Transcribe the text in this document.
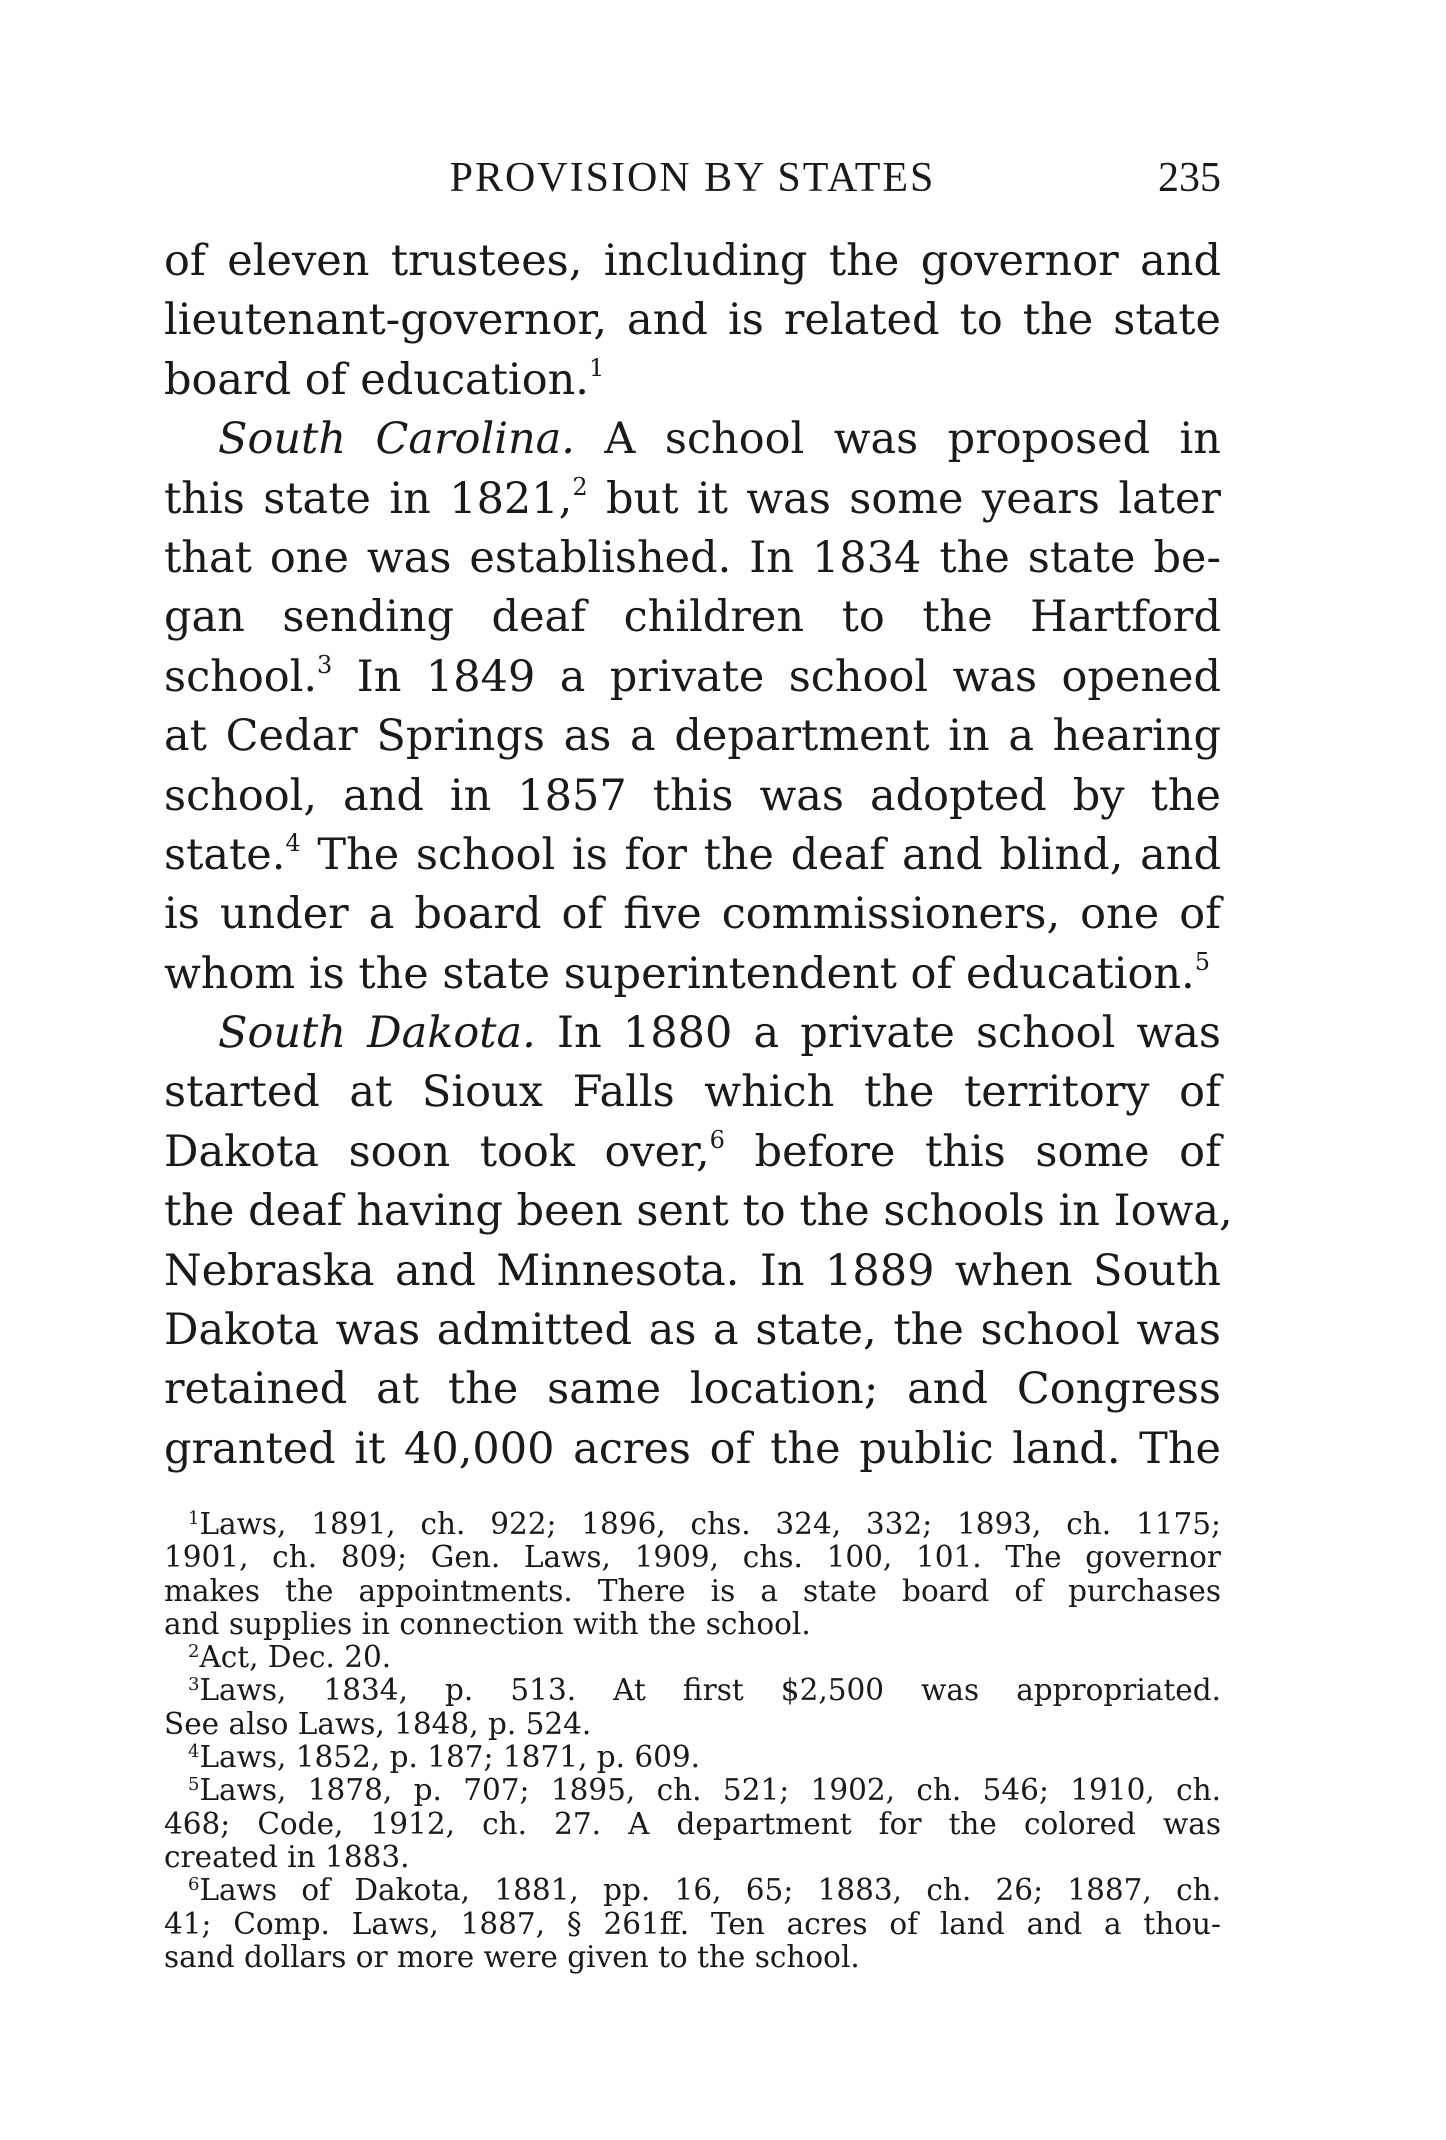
PROVISION BY STATES	235
of eleven trustees, including the governor and
lieutenant-governor, and is related to the state
board of education.$^1$
South Carolina. A school was proposed in
this state in 1821,$^2$ but it was some years later
that one was established. In 1834 the state be-
gan sending deaf children to the Hartford
school.$^3$ In 1849 a private school was opened
at Cedar Springs as a department in a hearing
school, and in 1857 this was adopted by the
state.$^4$ The school is for the deaf and blind, and
is under a board of five commissioners, one of
whom is the state superintendent of education.$^5$
South Dakota. In 1880 a private school was
started at Sioux Falls which the territory of
Dakota soon took over,$^6$ before this some of
the deaf having been sent to the schools in Iowa,
Nebraska and Minnesota. In 1889 when South
Dakota was admitted as a state, the school was
retained at the same location; and Congress
granted it 40,000 acres of the public land. The
$^1$Laws, 1891, ch. 922; 1896, chs. 324, 332; 1893, ch. 1175;
1901, ch. 809; Gen. Laws, 1909, chs. 100, 101. The governor
makes the appointments. There is a state board of purchases
and supplies in connection with the school.
$^2$Act, Dec. 20.
$^3$Laws, 1834, p. 513. At first $2,500 was appropriated.
See also Laws, 1848, p. 524.
$^4$Laws, 1852, p. 187; 1871, p. 609.
$^5$Laws, 1878, p. 707; 1895, ch. 521; 1902, ch. 546; 1910, ch.
468; Code, 1912, ch. 27. A department for the colored was
created in 1883.
$^6$Laws of Dakota, 1881, pp. 16, 65; 1883, ch. 26; 1887, ch.
41; Comp. Laws, 1887, § 261ff. Ten acres of land and a thou-
sand dollars or more were given to the school.
